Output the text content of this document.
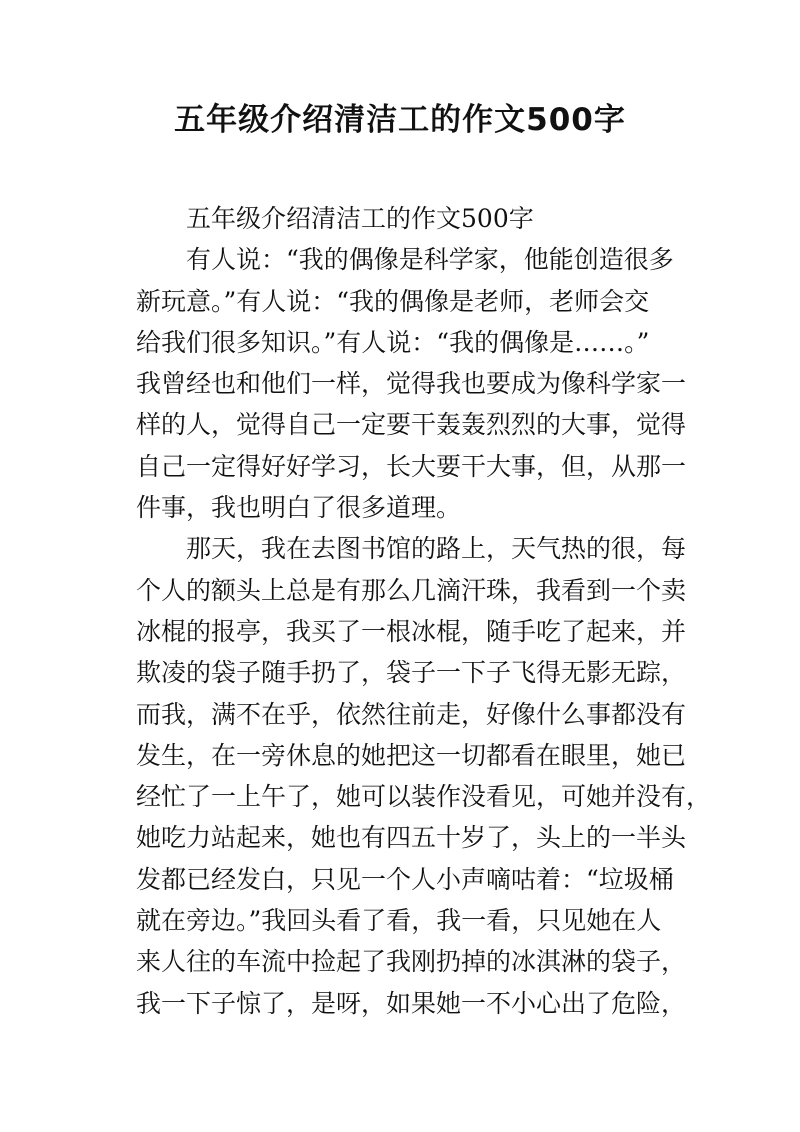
五年级介绍清洁工的作文500字
五年级介绍清洁工的作文500字
有人说：“我的偶像是科学家，他能创造很多
新玩意。”有人说：“我的偶像是老师，老师会交
给我们很多知识。”有人说：“我的偶像是……。”
我曾经也和他们一样，觉得我也要成为像科学家一
样的人，觉得自己一定要干轰轰烈烈的大事，觉得
自己一定得好好学习，长大要干大事，但，从那一
件事，我也明白了很多道理。
那天，我在去图书馆的路上，天气热的很，每
个人的额头上总是有那么几滴汗珠，我看到一个卖
冰棍的报亭，我买了一根冰棍，随手吃了起来，并
欺凌的袋子随手扔了，袋子一下子飞得无影无踪，
而我，满不在乎，依然往前走，好像什么事都没有
发生，在一旁休息的她把这一切都看在眼里，她已
经忙了一上午了，她可以装作没看见，可她并没有，
她吃力站起来，她也有四五十岁了，头上的一半头
发都已经发白，只见一个人小声嘀咕着：“垃圾桶
就在旁边。”我回头看了看，我一看，只见她在人
来人往的车流中捡起了我刚扔掉的冰淇淋的袋子，
我一下子惊了，是呀，如果她一不小心出了危险，
